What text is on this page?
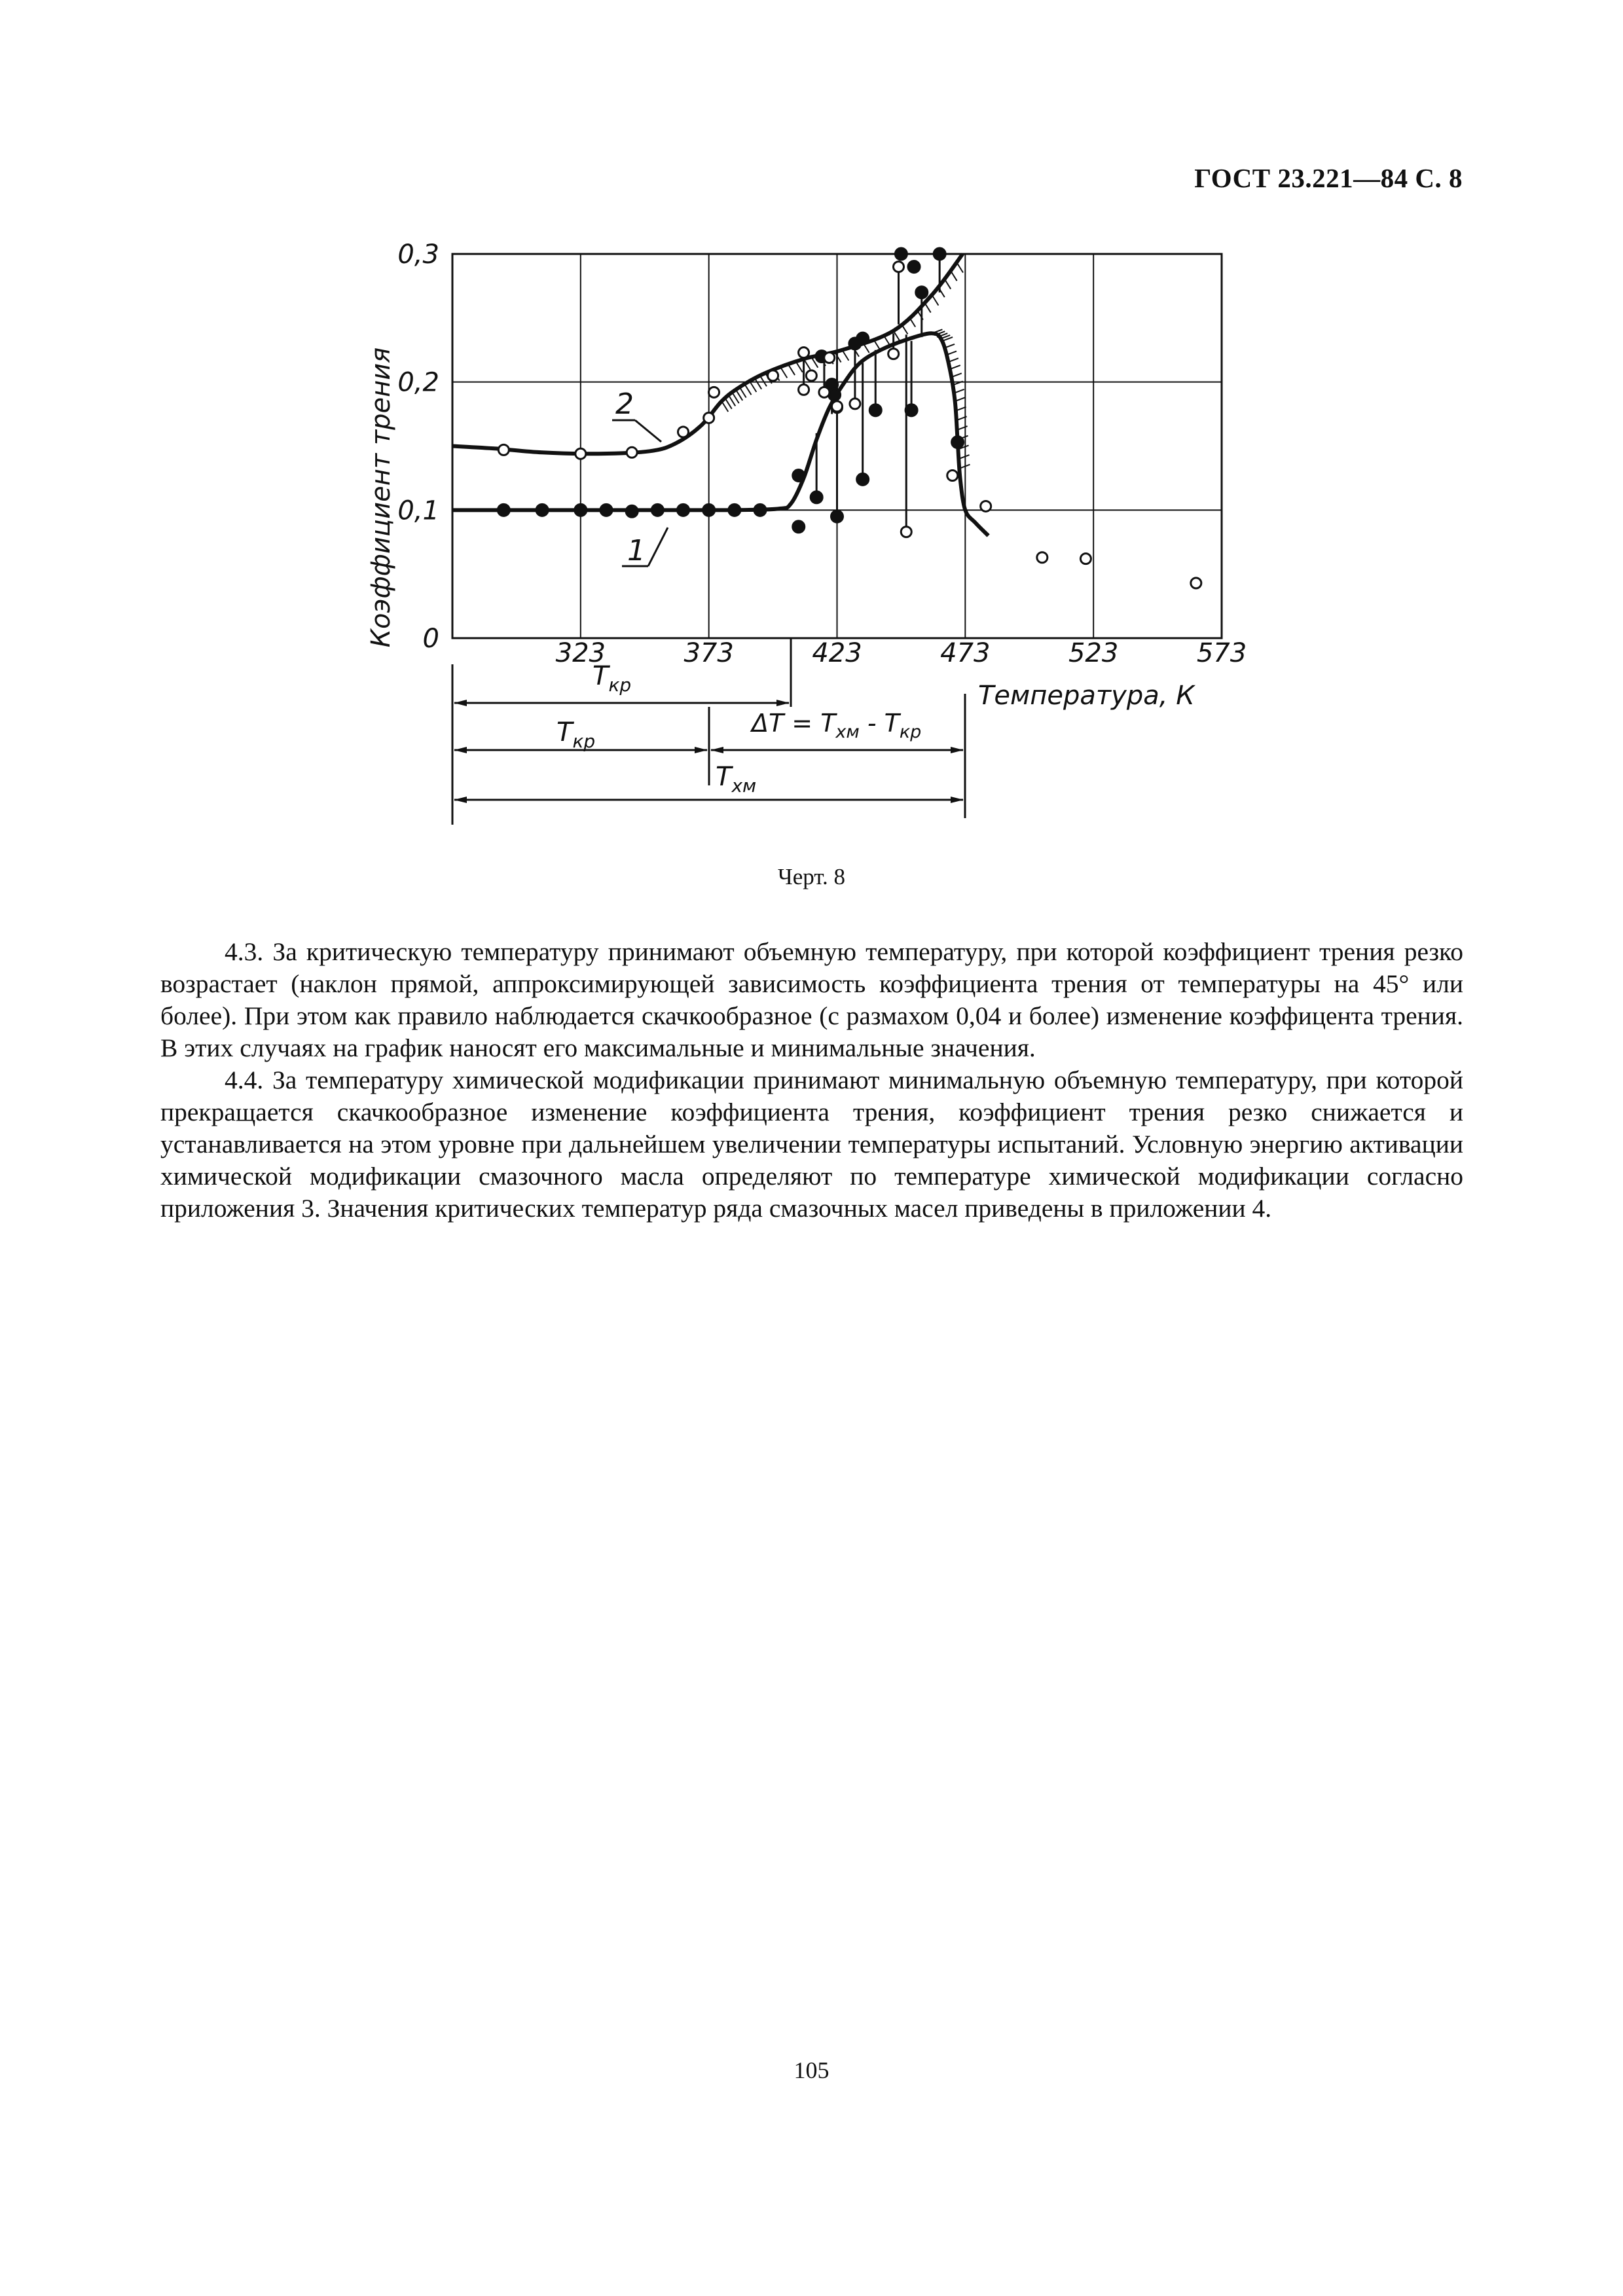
ГОСТ 23.221—84 С. 8
0
0,1
0,2
0,3
323	373	423	473	523	573
Коэффициент трения
Температура, К
1
2
$T_{кр}$
$\Delta T = T_{хм} - T_{кр}$
$T_{кр}$
$T_{хм}$
Черт. 8

4.3. За критическую температуру принимают объемную температуру, при которой коэффициент трения резко возрастает (наклон прямой, аппроксимирующей зависимость коэффициента трения от температуры на 45° или более). При этом как правило наблюдается скачкообразное (с размахом 0,04 и более) изменение коэффицента трения. В этих случаях на график наносят его максимальные и минимальные значения.

4.4. За температуру химической модификации принимают минимальную объемную температуру, при которой прекращается скачкообразное изменение коэффициента трения, коэффициент трения резко снижается и устанавливается на этом уровне при дальнейшем увеличении температуры испытаний. Условную энергию активации химической модификации смазочного масла определяют по температуре химической модификации согласно приложения 3. Значения критических температур ряда смазочных масел приведены в приложении 4.

105
